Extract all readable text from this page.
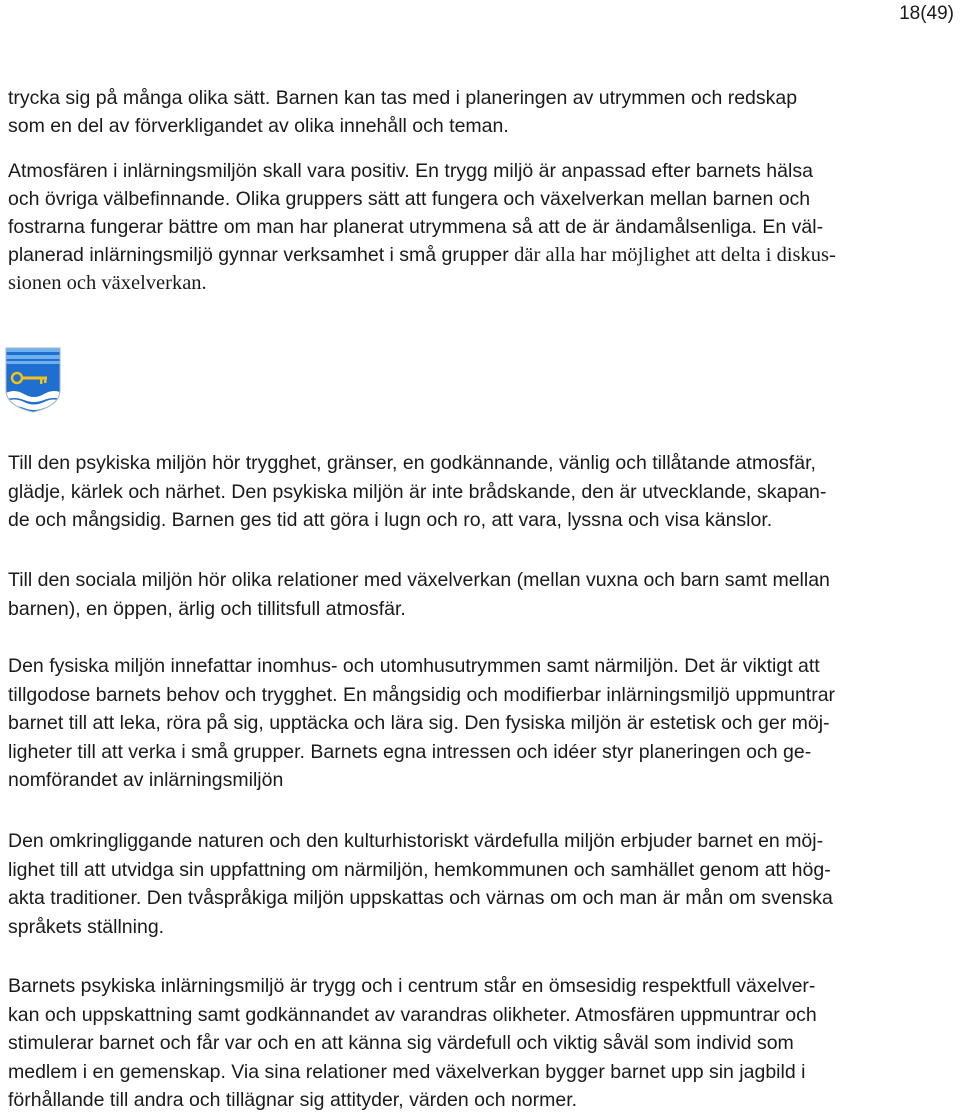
18(49)
trycka sig på många olika sätt. Barnen kan tas med i planeringen av utrymmen och redskap
som en del av förverkligandet av olika innehåll och teman.
Atmosfären i inlärningsmiljön skall vara positiv. En trygg miljö är anpassad efter barnets hälsa
och övriga välbefinnande. Olika gruppers sätt att fungera och växelverkan mellan barnen och
fostrarna fungerar bättre om man har planerat utrymmena så att de är ändamålsenliga. En väl-
planerad inlärningsmiljö gynnar verksamhet i små grupper där alla har möjlighet att delta i diskus-
sionen och växelverkan.
Till den psykiska miljön hör trygghet, gränser, en godkännande, vänlig och tillåtande atmosfär,
glädje, kärlek och närhet. Den psykiska miljön är inte brådskande, den är utvecklande, skapan-
de och mångsidig. Barnen ges tid att göra i lugn och ro, att vara, lyssna och visa känslor.
Till den sociala miljön hör olika relationer med växelverkan (mellan vuxna och barn samt mellan
barnen), en öppen, ärlig och tillitsfull atmosfär.
Den fysiska miljön innefattar inomhus- och utomhusutrymmen samt närmiljön. Det är viktigt att
tillgodose barnets behov och trygghet. En mångsidig och modifierbar inlärningsmiljö uppmuntrar
barnet till att leka, röra på sig, upptäcka och lära sig. Den fysiska miljön är estetisk och ger möj-
ligheter till att verka i små grupper. Barnets egna intressen och idéer styr planeringen och ge-
nomförandet av inlärningsmiljön
Den omkringliggande naturen och den kulturhistoriskt värdefulla miljön erbjuder barnet en möj-
lighet till att utvidga sin uppfattning om närmiljön, hemkommunen och samhället genom att hög-
akta traditioner. Den tvåspråkiga miljön uppskattas och värnas om och man är mån om svenska
språkets ställning.
Barnets psykiska inlärningsmiljö är trygg och i centrum står en ömsesidig respektfull växelver-
kan och uppskattning samt godkännandet av varandras olikheter. Atmosfären uppmuntrar och
stimulerar barnet och får var och en att känna sig värdefull och viktig såväl som individ som
medlem i en gemenskap. Via sina relationer med växelverkan bygger barnet upp sin jagbild i
förhållande till andra och tillägnar sig attityder, värden och normer.
